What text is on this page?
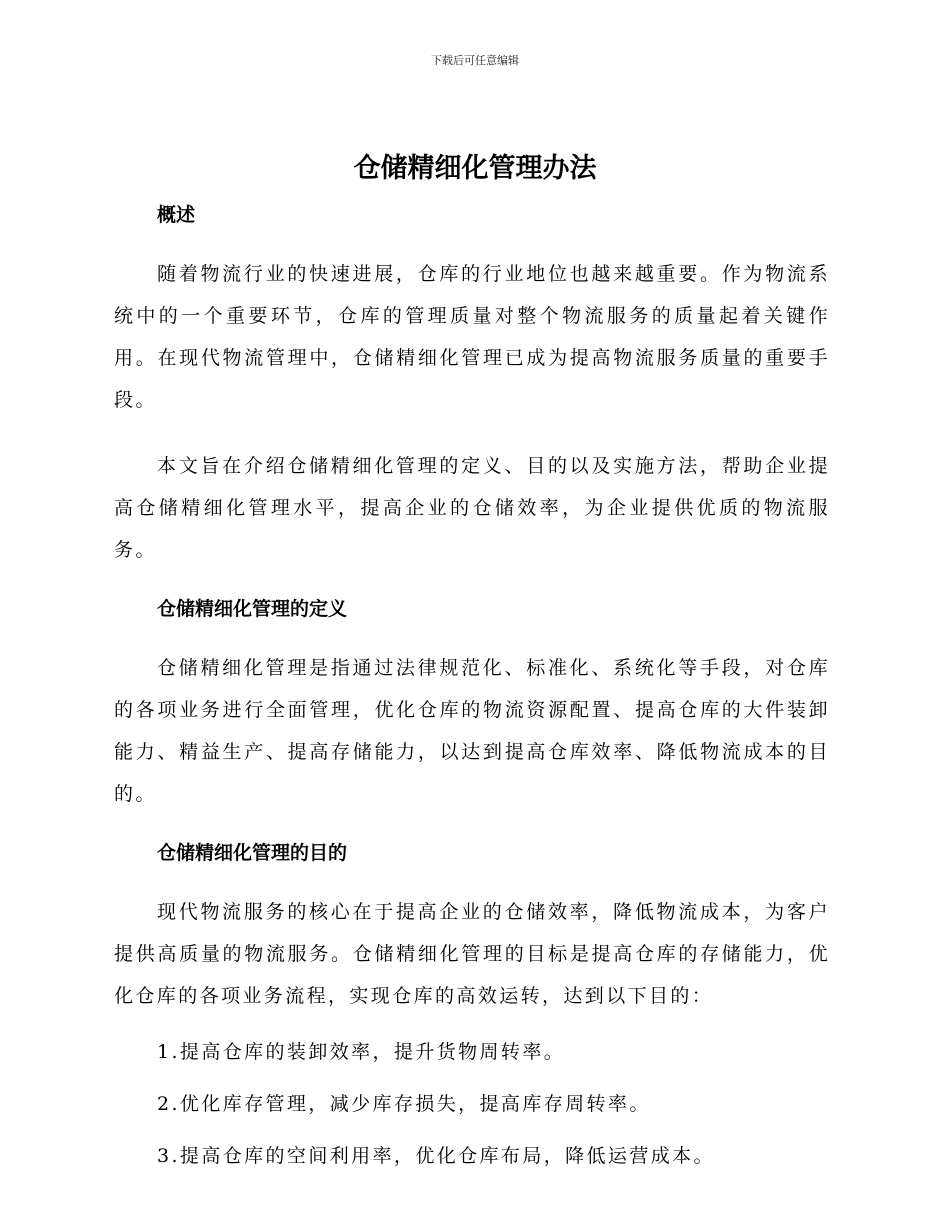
下载后可任意编辑
仓储精细化管理办法
概述

随着物流行业的快速进展，仓库的行业地位也越来越重要。作为物流系统中的一个重要环节，仓库的管理质量对整个物流服务的质量起着关键作用。在现代物流管理中，仓储精细化管理已成为提高物流服务质量的重要手段。

本文旨在介绍仓储精细化管理的定义、目的以及实施方法，帮助企业提高仓储精细化管理水平，提高企业的仓储效率，为企业提供优质的物流服务。

仓储精细化管理的定义

仓储精细化管理是指通过法律规范化、标准化、系统化等手段，对仓库的各项业务进行全面管理，优化仓库的物流资源配置、提高仓库的大件装卸能力、精益生产、提高存储能力，以达到提高仓库效率、降低物流成本的目的。

仓储精细化管理的目的

现代物流服务的核心在于提高企业的仓储效率，降低物流成本，为客户提供高质量的物流服务。仓储精细化管理的目标是提高仓库的存储能力，优化仓库的各项业务流程，实现仓库的高效运转，达到以下目的：

1.提高仓库的装卸效率，提升货物周转率。

2.优化库存管理，减少库存损失，提高库存周转率。

3.提高仓库的空间利用率，优化仓库布局，降低运营成本。
